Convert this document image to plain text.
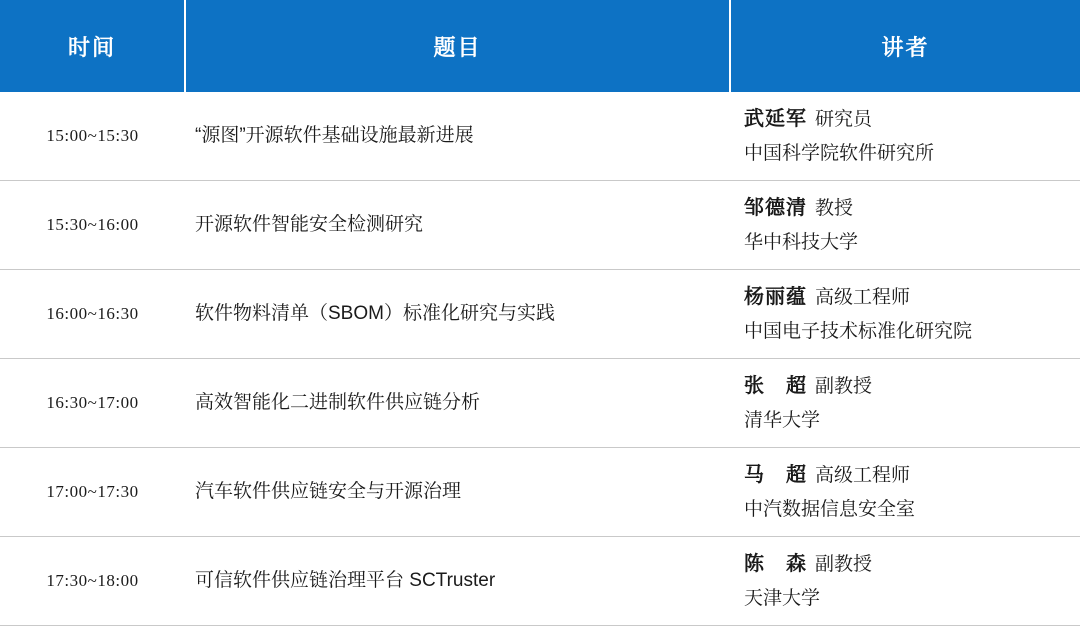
时间	题目	讲者
15:00~15:30	“源图”开源软件基础设施最新进展	武延军 研究员
中国科学院软件研究所

15:30~16:00	开源软件智能安全检测研究	邹德清 教授
华中科技大学

16:00~16:30	软件物料清单（SBOM）标准化研究与实践	杨丽蕴 高级工程师
中国电子技术标准化研究院

16:30~17:00	高效智能化二进制软件供应链分析	张　超 副教授
清华大学

17:00~17:30	汽车软件供应链安全与开源治理	马　超 高级工程师
中汽数据信息安全室

17:30~18:00	可信软件供应链治理平台 SCTruster	陈　森 副教授
天津大学
